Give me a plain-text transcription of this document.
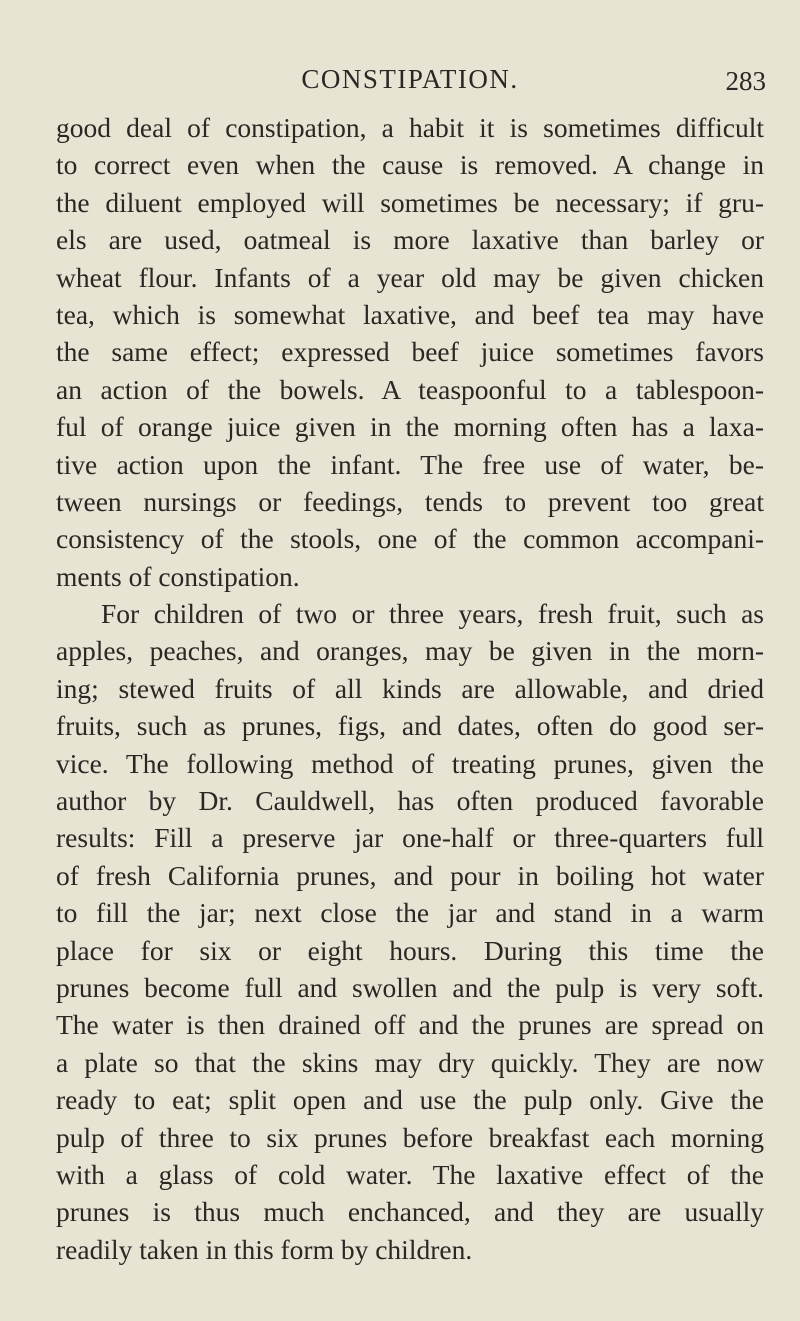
CONSTIPATION.	283
good deal of constipation, a habit it is sometimes difficult
to correct even when the cause is removed. A change in
the diluent employed will sometimes be necessary; if gru-
els are used, oatmeal is more laxative than barley or
wheat flour. Infants of a year old may be given chicken
tea, which is somewhat laxative, and beef tea may have
the same effect; expressed beef juice sometimes favors
an action of the bowels. A teaspoonful to a tablespoon-
ful of orange juice given in the morning often has a laxa-
tive action upon the infant. The free use of water, be-
tween nursings or feedings, tends to prevent too great
consistency of the stools, one of the common accompani-
ments of constipation.
For children of two or three years, fresh fruit, such as
apples, peaches, and oranges, may be given in the morn-
ing; stewed fruits of all kinds are allowable, and dried
fruits, such as prunes, figs, and dates, often do good ser-
vice. The following method of treating prunes, given the
author by Dr. Cauldwell, has often produced favorable
results: Fill a preserve jar one-half or three-quarters full
of fresh California prunes, and pour in boiling hot water
to fill the jar; next close the jar and stand in a warm
place for six or eight hours. During this time the
prunes become full and swollen and the pulp is very soft.
The water is then drained off and the prunes are spread on
a plate so that the skins may dry quickly. They are now
ready to eat; split open and use the pulp only. Give the
pulp of three to six prunes before breakfast each morning
with a glass of cold water. The laxative effect of the
prunes is thus much enchanced, and they are usually
readily taken in this form by children.
